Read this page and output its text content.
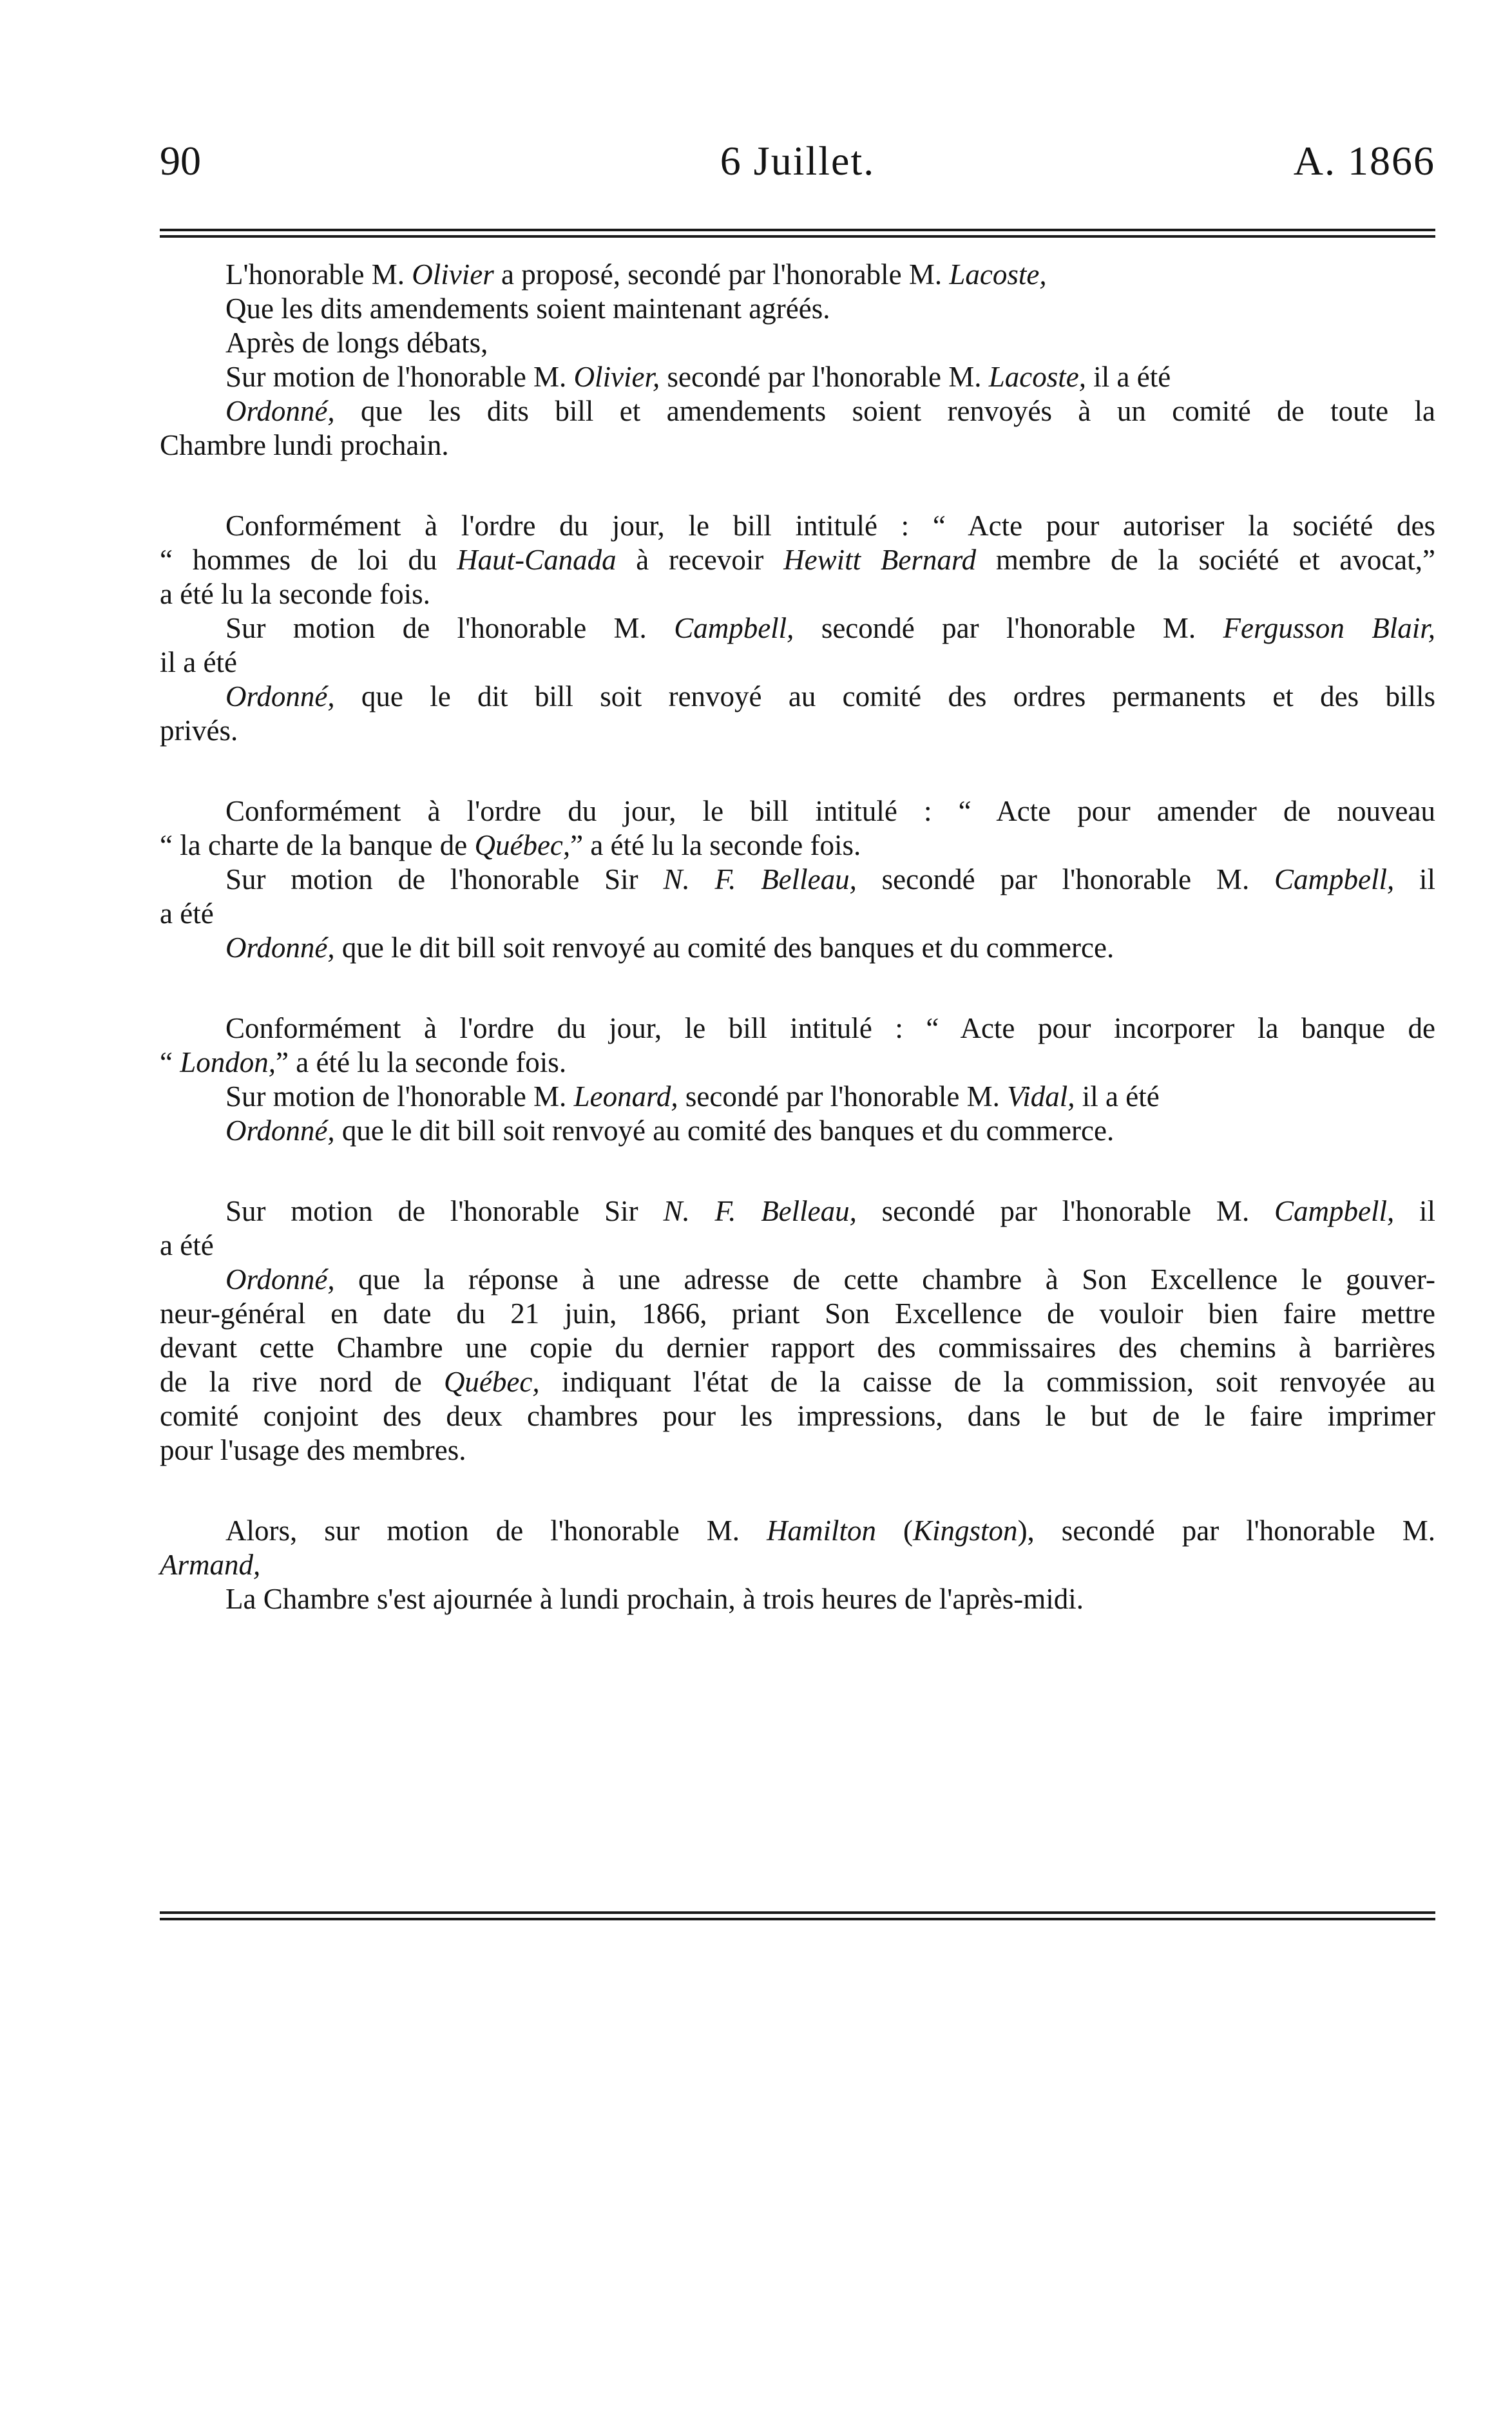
90	6 Juillet.	A. 1866
L'honorable M. Olivier a proposé, secondé par l'honorable M. Lacoste,
Que les dits amendements soient maintenant agréés.
Après de longs débats,
Sur motion de l'honorable M. Olivier, secondé par l'honorable M. Lacoste, il a été
Ordonné, que les dits bill et amendements soient renvoyés à un comité de toute la
Chambre lundi prochain.
Conformément à l'ordre du jour, le bill intitulé : “ Acte pour autoriser la société des
“ hommes de loi du Haut-Canada à recevoir Hewitt Bernard membre de la société et avocat,”
a été lu la seconde fois.
Sur motion de l'honorable M. Campbell, secondé par l'honorable M. Fergusson Blair,
il a été
Ordonné, que le dit bill soit renvoyé au comité des ordres permanents et des bills
privés.
Conformément à l'ordre du jour, le bill intitulé : “ Acte pour amender de nouveau
“ la charte de la banque de Québec,” a été lu la seconde fois.
Sur motion de l'honorable Sir N. F. Belleau, secondé par l'honorable M. Campbell, il
a été
Ordonné, que le dit bill soit renvoyé au comité des banques et du commerce.
Conformément à l'ordre du jour, le bill intitulé : “ Acte pour incorporer la banque de
“ London,” a été lu la seconde fois.
Sur motion de l'honorable M. Leonard, secondé par l'honorable M. Vidal, il a été
Ordonné, que le dit bill soit renvoyé au comité des banques et du commerce.
Sur motion de l'honorable Sir N. F. Belleau, secondé par l'honorable M. Campbell, il
a été
Ordonné, que la réponse à une adresse de cette chambre à Son Excellence le gouver-
neur-général en date du 21 juin, 1866, priant Son Excellence de vouloir bien faire mettre
devant cette Chambre une copie du dernier rapport des commissaires des chemins à barrières
de la rive nord de Québec, indiquant l'état de la caisse de la commission, soit renvoyée au
comité conjoint des deux chambres pour les impressions, dans le but de le faire imprimer
pour l'usage des membres.
Alors, sur motion de l'honorable M. Hamilton (Kingston), secondé par l'honorable M.
Armand,
La Chambre s'est ajournée à lundi prochain, à trois heures de l'après-midi.
